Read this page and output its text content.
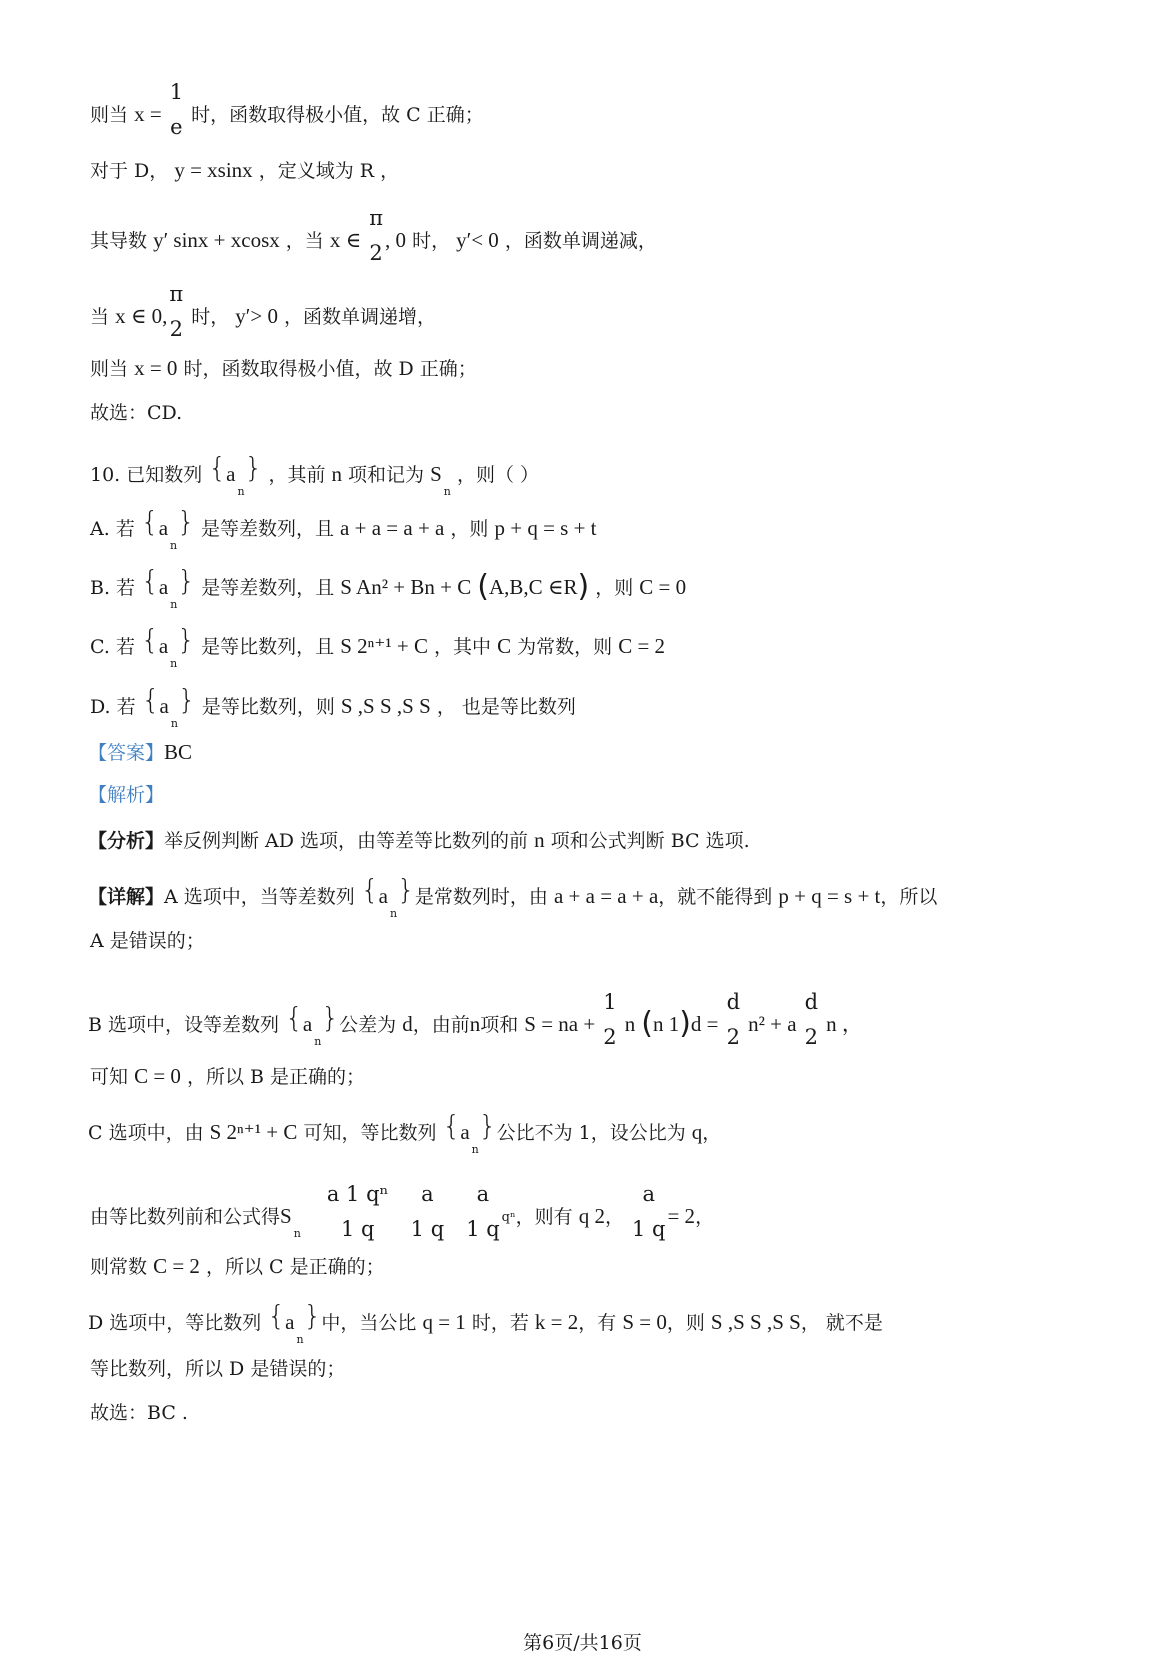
则当 x =
1
e 时，函数取得极小值，故 C 正确；
对于 D， y = xsinx ，定义域为 R ，
其导数 y′ sinx + xcosx ，当 x ∈
π
2
, 0 时， y′< 0 ，函数单调递减，
当 x ∈ 0,
π
2 时， y′> 0 ，函数单调递增，
则当 x = 0 时，函数取得极小值，故 D 正确；
故选：CD.
10. 已知数列 $\{a_n\}$ ，其前 n 项和记为 $S_n$ ，则（ ）
A. 若 $\{a_n\}$ 是等差数列，且 a + a = a + a ，则 p + q = s + t
B. 若 $\{a_n\}$ 是等差数列，且 S An² + Bn + C (A,B,C ∈R) ，则 C = 0
C. 若 $\{a_n\}$ 是等比数列，且 S 2ⁿ⁺¹ + C ，其中 C 为常数，则 C = 2
D. 若 $\{a_n\}$ 是等比数列，则 S ,S S ,S S ， 也是等比数列
【答案】BC
【解析】
【分析】举反例判断 AD 选项，由等差等比数列的前 n 项和公式判断 BC 选项.
【详解】A 选项中，当等差数列 $\{a_n\}$是常数列时，由 a + a = a + a，就不能得到 p + q = s + t，所以
A 是错误的；
B 选项中，设等差数列 $\{a_n\}$公差为 d，由前n项和 S = na +
1
2
n (n 1)d =
d
2
n² + a
d
2
n ，
可知 C = 0 ，所以 B 是正确的；
C 选项中，由 S 2ⁿ⁺¹ + C 可知，等比数列 $\{a_n\}$公比不为 1，设公比为 q，
由等比数列前和公式得$S_n$
a 1 qⁿ
1 q

a
1 q

a
1 q qⁿ，则有 q 2，
a
1 q
= 2，
则常数 C = 2 ，所以 C 是正确的；
D 选项中，等比数列 $\{a_n\}$中，当公比 q = 1 时，若 k = 2，有 S = 0，则 S ,S S ,S S， 就不是
等比数列，所以 D 是错误的；
故选：BC .
第6页/共16页
